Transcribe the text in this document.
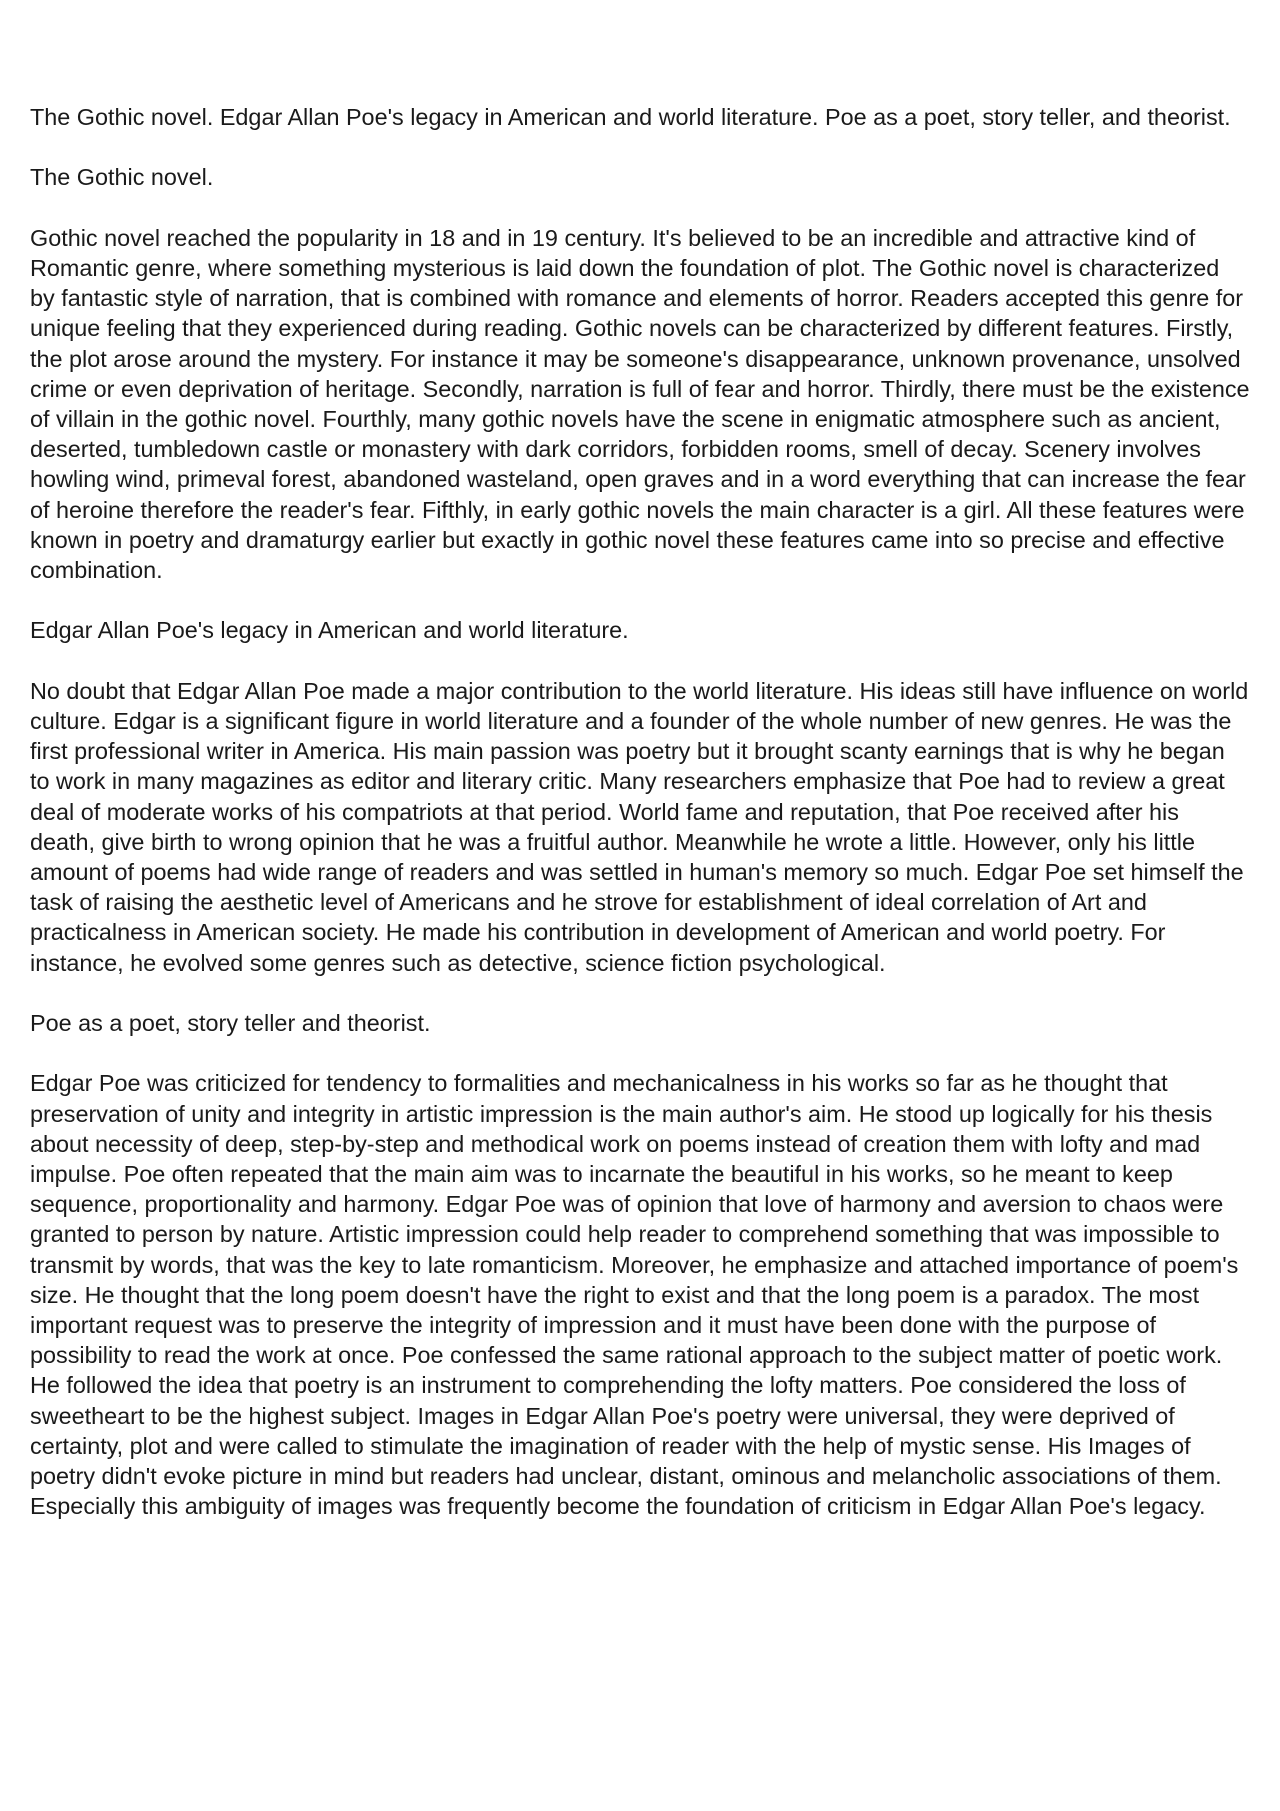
The Gothic novel. Edgar Allan Poe's legacy in American and world literature. Poe as a poet, story teller, and theorist.

The Gothic novel.

Gothic novel reached the popularity in 18 and in 19 century. It's believed to be an incredible and attractive kind of Romantic genre, where something mysterious is laid down the foundation of plot. The Gothic novel is characterized by fantastic style of narration, that is combined with romance and elements of horror. Readers accepted this genre for unique feeling that they experienced during reading. Gothic novels can be characterized by different features. Firstly, the plot arose around the mystery. For instance it may be someone's disappearance, unknown provenance, unsolved crime or even deprivation of heritage. Secondly, narration is full of fear and horror. Thirdly, there must be the existence of villain in the gothic novel. Fourthly, many gothic novels have the scene in enigmatic atmosphere such as ancient, deserted, tumbledown castle or monastery with dark corridors, forbidden rooms, smell of decay. Scenery involves howling wind, primeval forest, abandoned wasteland, open graves and in a word everything that can increase the fear of heroine therefore the reader's fear. Fifthly, in early gothic novels the main character is a girl. All these features were known in poetry and dramaturgy earlier but exactly in gothic novel these features came into so precise and effective combination.

Edgar Allan Poe's legacy in American and world literature.

No doubt that Edgar Allan Poe made a major contribution to the world literature. His ideas still have influence on world culture. Edgar is a significant figure in world literature and a founder of the whole number of new genres. He was the first professional writer in America. His main passion was poetry but it brought scanty earnings that is why he began to work in many magazines as editor and literary critic. Many researchers emphasize that Poe had to review a great deal of moderate works of his compatriots at that period. World fame and reputation, that Poe received after his death, give birth to wrong opinion that he was a fruitful author. Meanwhile he wrote a little. However, only his little amount of poems had wide range of readers and was settled in human's memory so much. Edgar Poe set himself the task of raising the aesthetic level of Americans and he strove for establishment of ideal correlation of Art and practicalness in American society. He made his contribution in development of American and world poetry. For instance, he evolved some genres such as detective, science fiction psychological.

Poe as a poet, story teller and theorist.

Edgar Poe was criticized for tendency to formalities and mechanicalness in his works so far as he thought that preservation of unity and integrity in artistic impression is the main author's aim. He stood up logically for his thesis about necessity of deep, step-by-step and methodical work on poems instead of creation them with lofty and mad impulse. Poe often repeated that the main aim was to incarnate the beautiful in his works, so he meant to keep sequence, proportionality and harmony. Edgar Poe was of opinion that love of harmony and aversion to chaos were granted to person by nature. Artistic impression could help reader to comprehend something that was impossible to transmit by words, that was the key to late romanticism. Moreover, he emphasize and attached importance of poem's size. He thought that the long poem doesn't have the right to exist and that the long poem is a paradox. The most important request was to preserve the integrity of impression and it must have been done with the purpose of possibility to read the work at once. Poe confessed the same rational approach to the subject matter of poetic work. He followed the idea that poetry is an instrument to comprehending the lofty matters. Poe considered the loss of sweetheart to be the highest subject. Images in Edgar Allan Poe's poetry were universal, they were deprived of certainty, plot and were called to stimulate the imagination of reader with the help of mystic sense. His Images of poetry didn't evoke picture in mind but readers had unclear, distant, ominous and melancholic associations of them. Especially this ambiguity of images was frequently become the foundation of criticism in Edgar Allan Poe's legacy.
